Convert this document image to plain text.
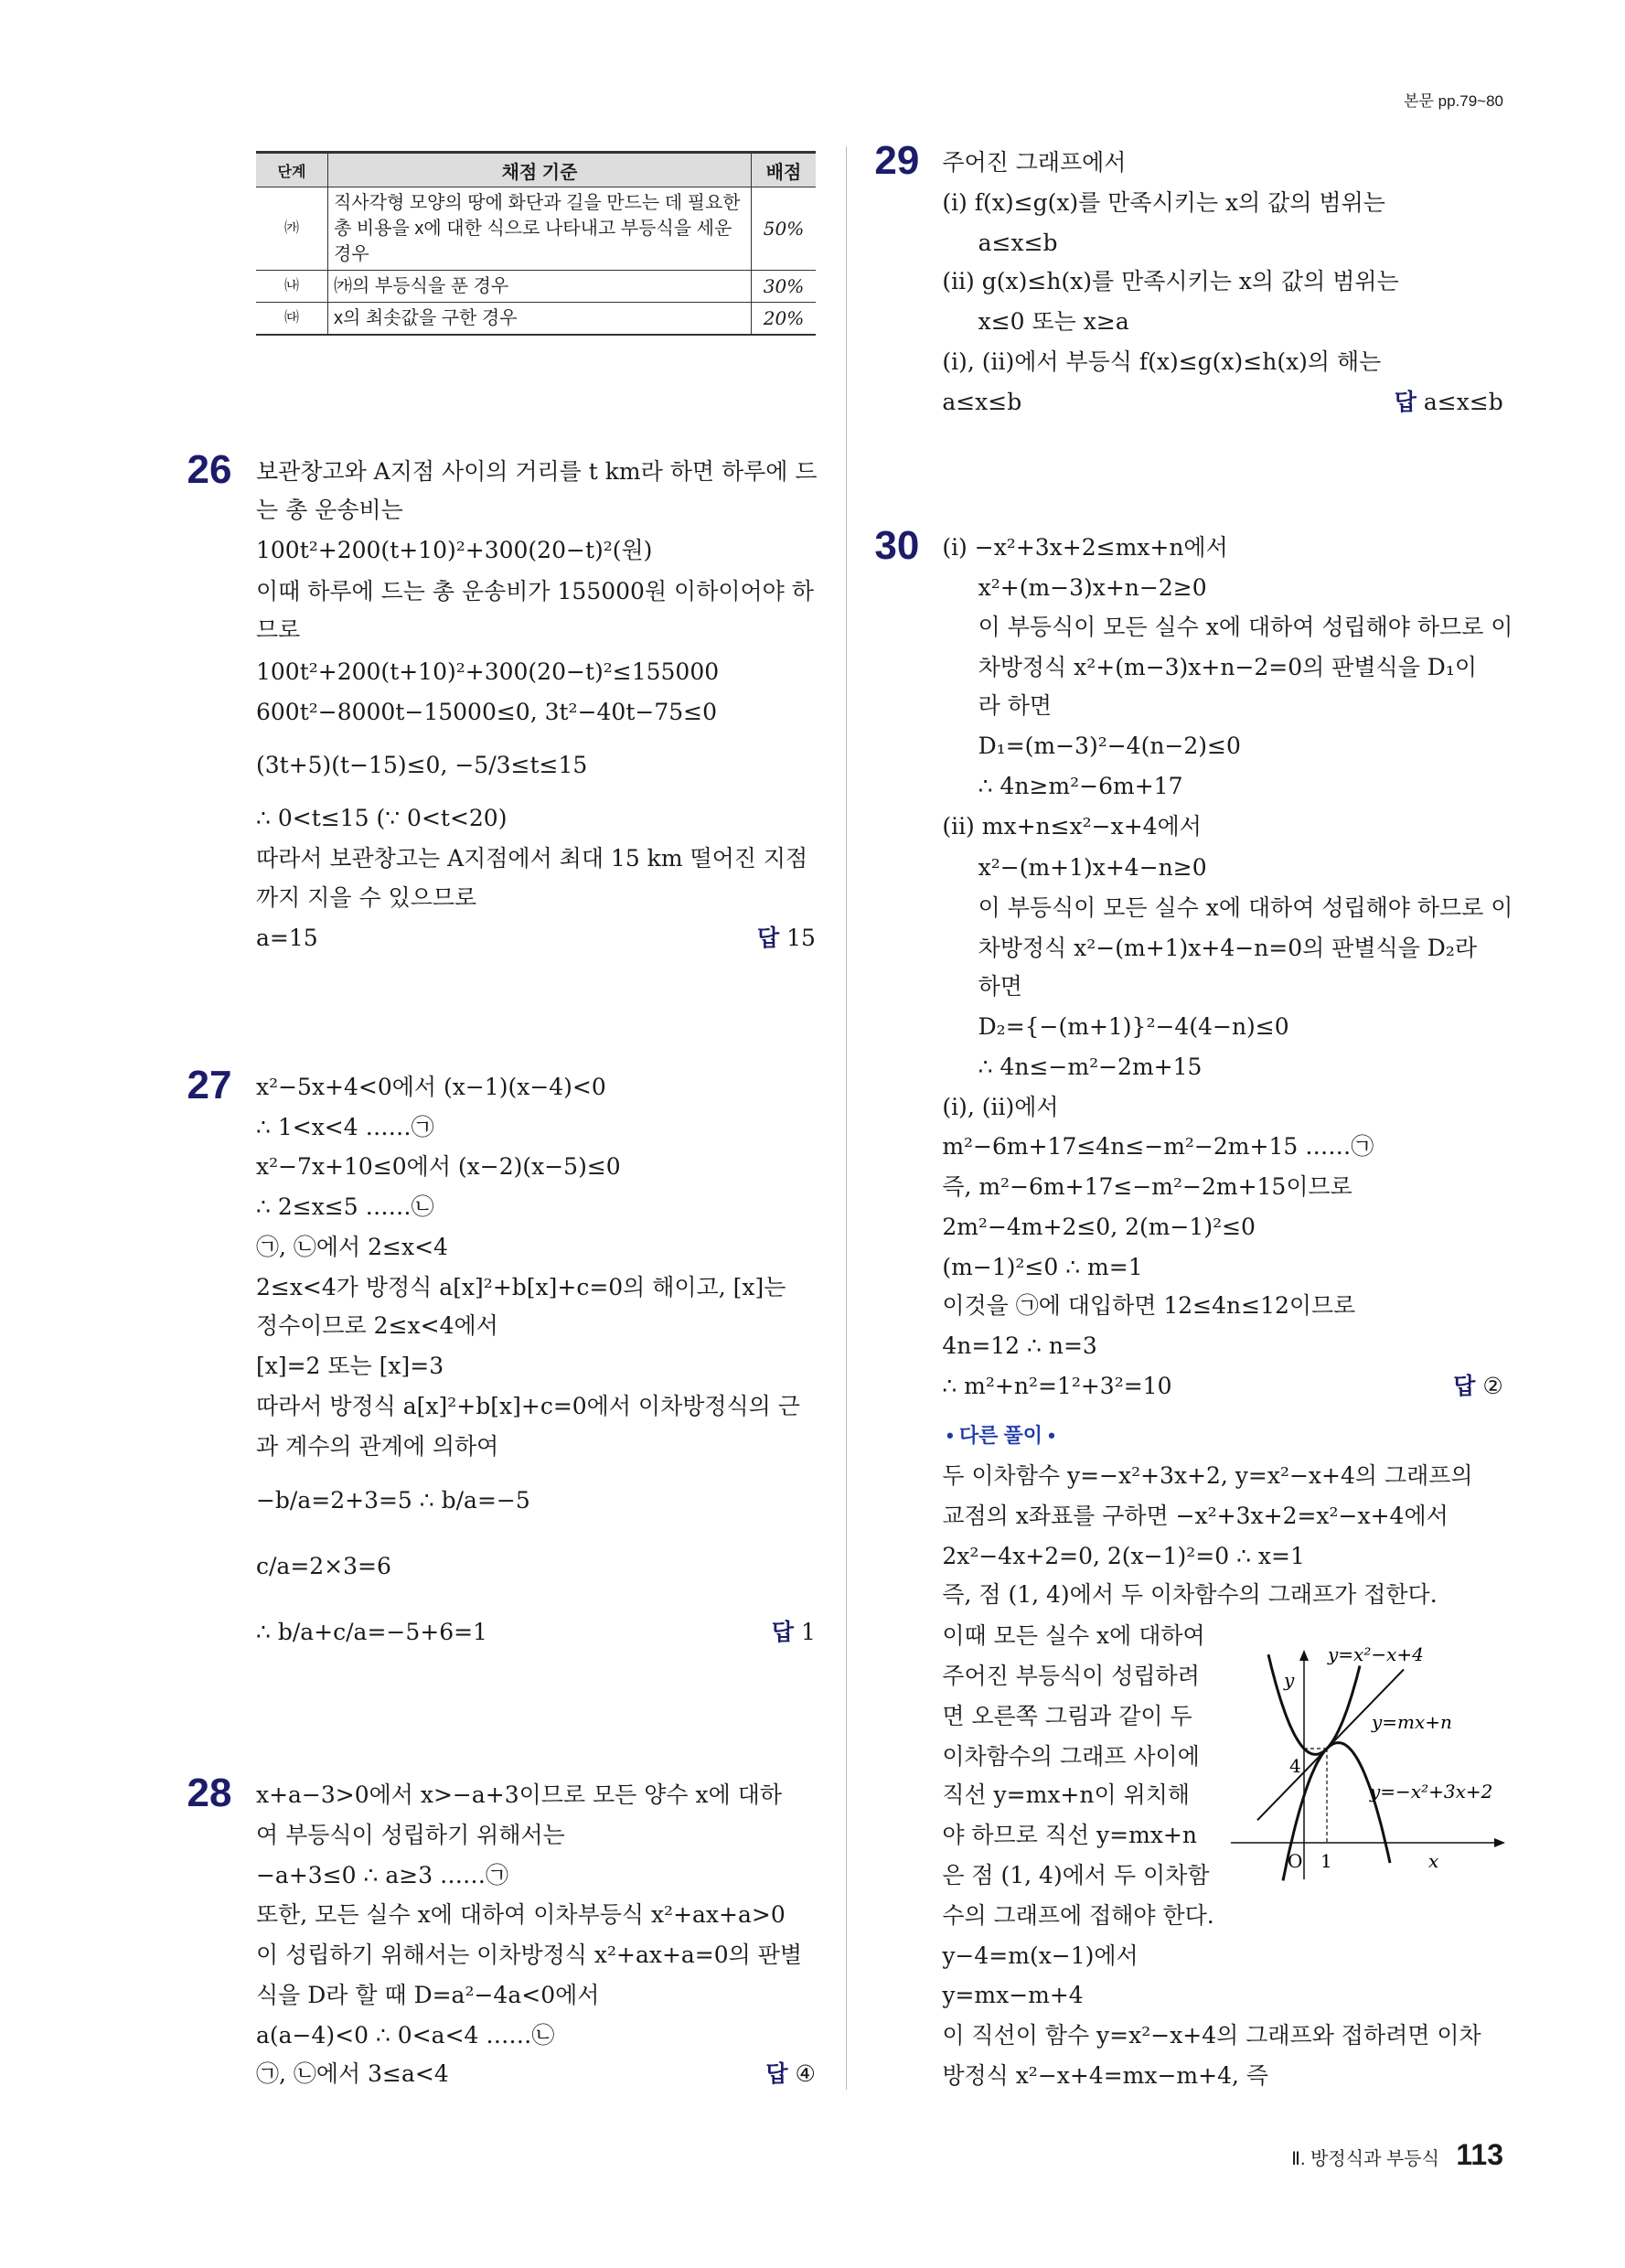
본문 pp.79~80
단계	채점 기준	배점
㈎	직사각형 모양의 땅에 화단과 길을 만드는 데 필요한 총 비용을 x에 대한 식으로 나타내고 부등식을 세운 경우	50%
㈏	㈎의 부등식을 푼 경우	30%
㈐	x의 최솟값을 구한 경우	20%
26 보관창고와 A지점 사이의 거리를 t km라 하면 하루에 드
는 총 운송비는
100t²+200(t+10)²+300(20−t)²(원)
이때 하루에 드는 총 운송비가 155000원 이하이어야 하
므로
100t²+200(t+10)²+300(20−t)²≤155000
600t²−8000t−15000≤0, 3t²−40t−75≤0
(3t+5)(t−15)≤0, −5/3≤t≤15
∴ 0<t≤15 (∵ 0<t<20)
따라서 보관창고는 A지점에서 최대 15 km 떨어진 지점
까지 지을 수 있으므로
a=15	답 15
27 x²−5x+4<0에서 (x−1)(x−4)<0
∴ 1<x<4 ……㉠
x²−7x+10≤0에서 (x−2)(x−5)≤0
∴ 2≤x≤5 ……㉡
㉠, ㉡에서 2≤x<4
2≤x<4가 방정식 a[x]²+b[x]+c=0의 해이고, [x]는
정수이므로 2≤x<4에서
[x]=2 또는 [x]=3
따라서 방정식 a[x]²+b[x]+c=0에서 이차방정식의 근
과 계수의 관계에 의하여
−b/a=2+3=5 ∴ b/a=−5
c/a=2×3=6
∴ b/a+c/a=−5+6=1	답 1
28 x+a−3>0에서 x>−a+3이므로 모든 양수 x에 대하
여 부등식이 성립하기 위해서는
−a+3≤0 ∴ a≥3 ……㉠
또한, 모든 실수 x에 대하여 이차부등식 x²+ax+a>0
이 성립하기 위해서는 이차방정식 x²+ax+a=0의 판별
식을 D라 할 때 D=a²−4a<0에서
a(a−4)<0 ∴ 0<a<4 ……㉡
㉠, ㉡에서 3≤a<4	답 ④
29 주어진 그래프에서
(ⅰ) f(x)≤g(x)를 만족시키는 x의 값의 범위는
a≤x≤b
(ⅱ) g(x)≤h(x)를 만족시키는 x의 값의 범위는
x≤0 또는 x≥a
(ⅰ), (ⅱ)에서 부등식 f(x)≤g(x)≤h(x)의 해는
a≤x≤b	답 a≤x≤b
30 (ⅰ) −x²+3x+2≤mx+n에서
x²+(m−3)x+n−2≥0
이 부등식이 모든 실수 x에 대하여 성립해야 하므로 이
차방정식 x²+(m−3)x+n−2=0의 판별식을 D₁이
라 하면
D₁=(m−3)²−4(n−2)≤0
∴ 4n≥m²−6m+17
(ⅱ) mx+n≤x²−x+4에서
x²−(m+1)x+4−n≥0
이 부등식이 모든 실수 x에 대하여 성립해야 하므로 이
차방정식 x²−(m+1)x+4−n=0의 판별식을 D₂라
하면
D₂={−(m+1)}²−4(4−n)≤0
∴ 4n≤−m²−2m+15
(ⅰ), (ⅱ)에서
m²−6m+17≤4n≤−m²−2m+15 ……㉠
즉, m²−6m+17≤−m²−2m+15이므로
2m²−4m+2≤0, 2(m−1)²≤0
(m−1)²≤0 ∴ m=1
이것을 ㉠에 대입하면 12≤4n≤12이므로
4n=12 ∴ n=3
∴ m²+n²=1²+3²=10	답 ②
• 다른 풀이 •
두 이차함수 y=−x²+3x+2, y=x²−x+4의 그래프의
교점의 x좌표를 구하면 −x²+3x+2=x²−x+4에서
2x²−4x+2=0, 2(x−1)²=0 ∴ x=1
즉, 점 (1, 4)에서 두 이차함수의 그래프가 접한다.
이때 모든 실수 x에 대하여
주어진 부등식이 성립하려
면 오른쪽 그림과 같이 두
이차함수의 그래프 사이에
직선 y=mx+n이 위치해
야 하므로 직선 y=mx+n
은 점 (1, 4)에서 두 이차함
수의 그래프에 접해야 한다.
y−4=m(x−1)에서
y=mx−m+4
이 직선이 함수 y=x²−x+4의 그래프와 접하려면 이차
방정식 x²−x+4=mx−m+4, 즉
y=x²−x+4
y=mx+n
y=−x²+3x+2
y
x
O 1
4
Ⅱ. 방정식과 부등식 113
